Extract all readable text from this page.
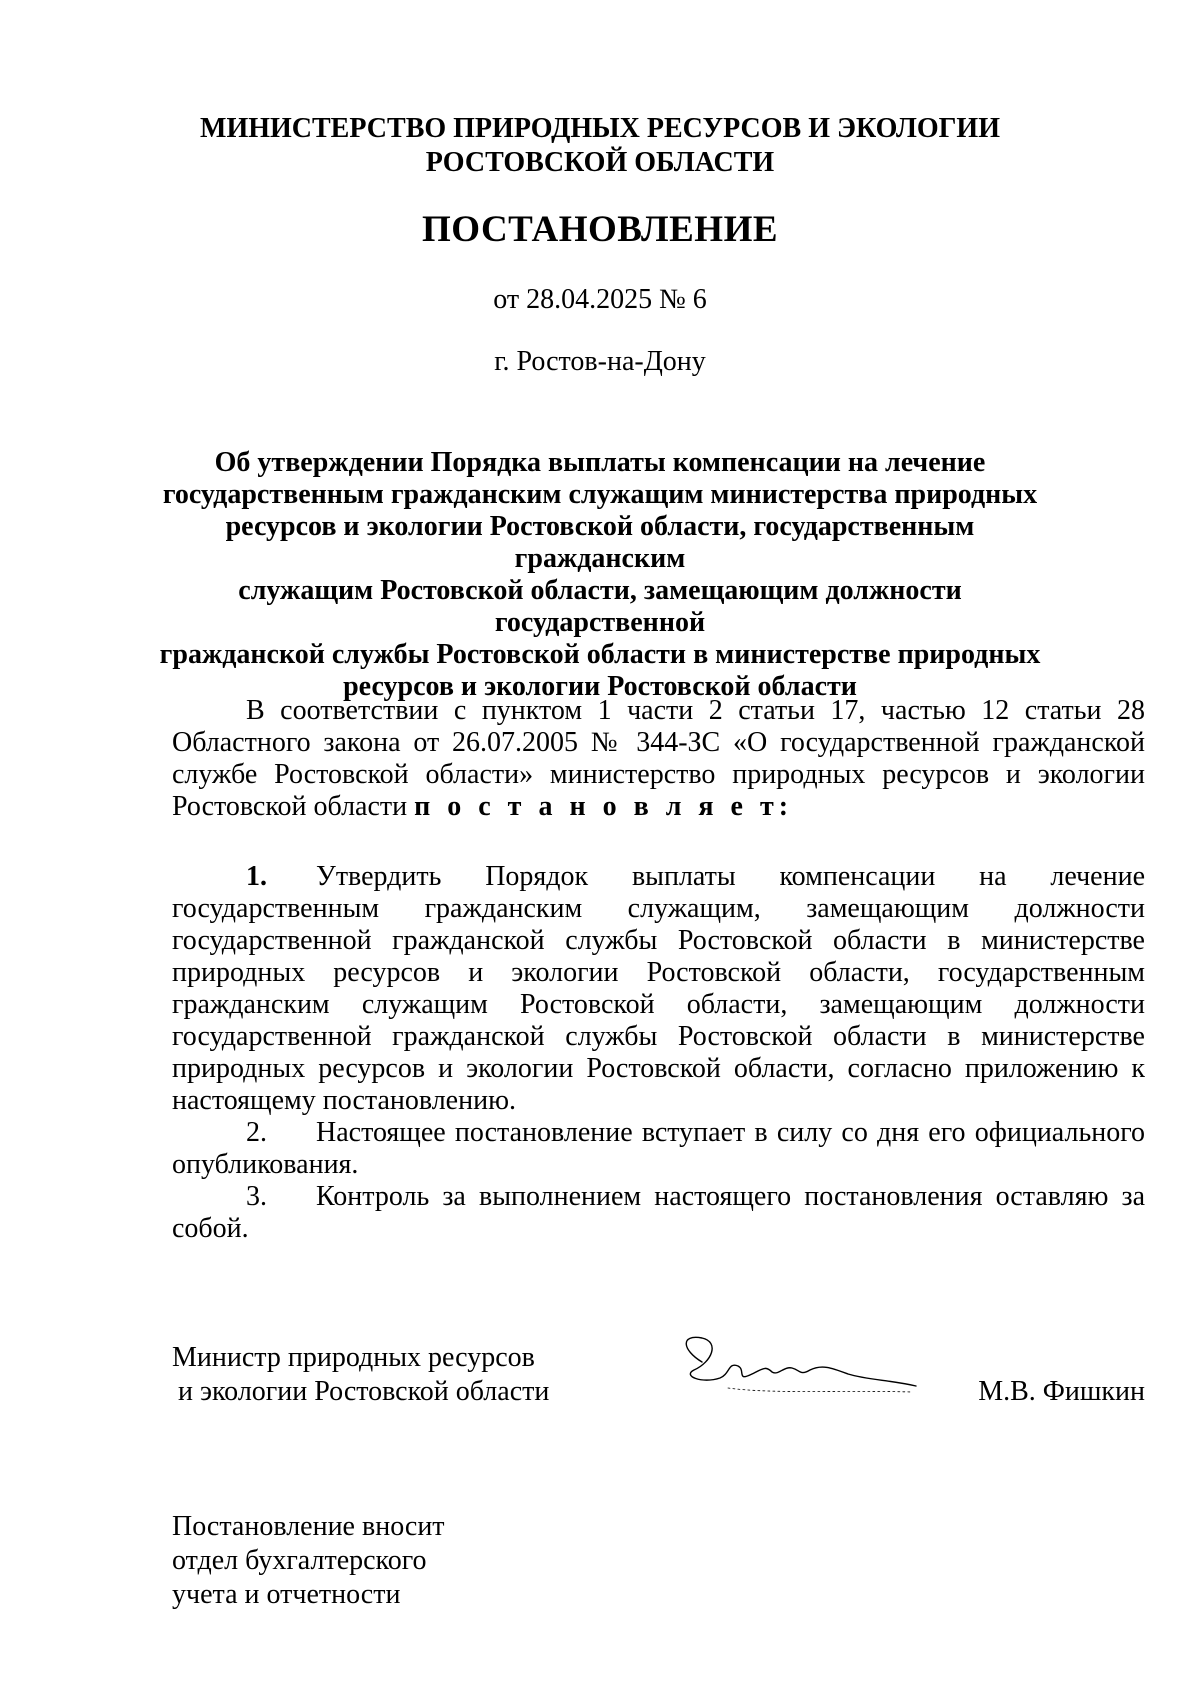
МИНИСТЕРСТВО ПРИРОДНЫХ РЕСУРСОВ И ЭКОЛОГИИ
РОСТОВСКОЙ ОБЛАСТИ
ПОСТАНОВЛЕНИЕ
от 28.04.2025 № 6
г. Ростов-на-Дону
Об утверждении Порядка выплаты компенсации на лечение
государственным гражданским служащим министерства природных
ресурсов и экологии Ростовской области, государственным гражданским
служащим Ростовской области, замещающим должности государственной
гражданской службы Ростовской области в министерстве природных
ресурсов и экологии Ростовской области
В соответствии с пунктом 1 части 2 статьи 17, частью 12 статьи 28 Областного закона от 26.07.2005 № 344-ЗС «О государственной гражданской службе Ростовской области» министерство природных ресурсов и экологии Ростовской области п о с т а н о в л я е т:
1. Утвердить Порядок выплаты компенсации на лечение государственным гражданским служащим, замещающим должности государственной гражданской службы Ростовской области в министерстве природных ресурсов и экологии Ростовской области, государственным гражданским служащим Ростовской области, замещающим должности государственной гражданской службы Ростовской области в министерстве природных ресурсов и экологии Ростовской области, согласно приложению к настоящему постановлению.
2. Настоящее постановление вступает в силу со дня его официального опубликования.
3. Контроль за выполнением настоящего постановления оставляю за собой.
Министр природных ресурсов
и экологии Ростовской области	М.В. Фишкин
Постановление вносит
отдел бухгалтерского
учета и отчетности
